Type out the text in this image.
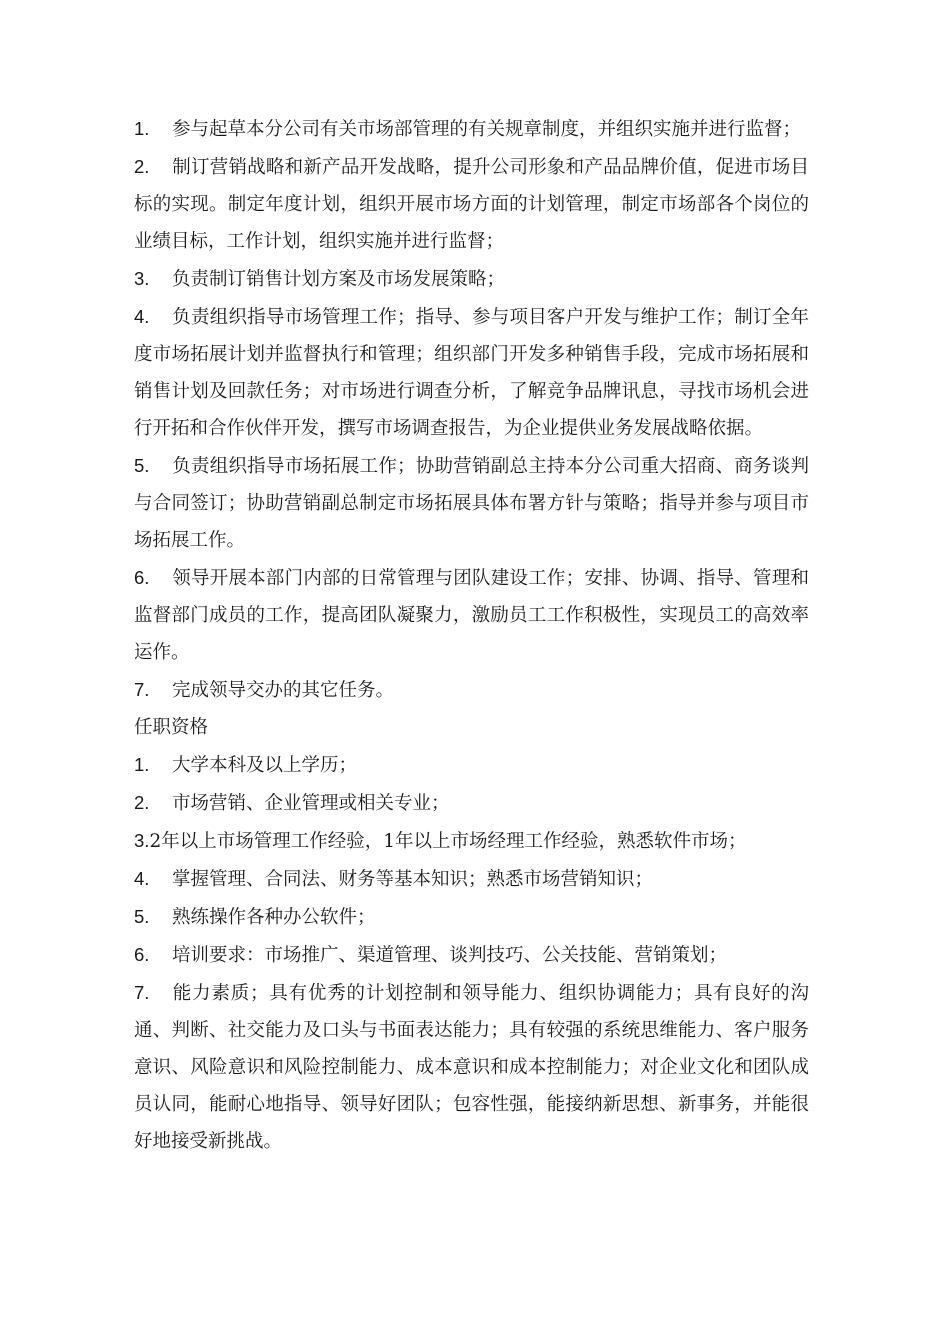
1. 参与起草本分公司有关市场部管理的有关规章制度，并组织实施并进行监督；

2. 制订营销战略和新产品开发战略，提升公司形象和产品品牌价值，促进市场目标的实现。制定年度计划，组织开展市场方面的计划管理，制定市场部各个岗位的业绩目标，工作计划，组织实施并进行监督；

3. 负责制订销售计划方案及市场发展策略；

4. 负责组织指导市场管理工作；指导、参与项目客户开发与维护工作；制订全年度市场拓展计划并监督执行和管理；组织部门开发多种销售手段，完成市场拓展和销售计划及回款任务；对市场进行调查分析，了解竞争品牌讯息，寻找市场机会进行开拓和合作伙伴开发，撰写市场调查报告，为企业提供业务发展战略依据。

5. 负责组织指导市场拓展工作；协助营销副总主持本分公司重大招商、商务谈判与合同签订；协助营销副总制定市场拓展具体布署方针与策略；指导并参与项目市场拓展工作。

6. 领导开展本部门内部的日常管理与团队建设工作；安排、协调、指导、管理和监督部门成员的工作，提高团队凝聚力，激励员工工作积极性，实现员工的高效率运作。

7. 完成领导交办的其它任务。

任职资格

1. 大学本科及以上学历；

2. 市场营销、企业管理或相关专业；

3.2年以上市场管理工作经验，1年以上市场经理工作经验，熟悉软件市场；

4. 掌握管理、合同法、财务等基本知识；熟悉市场营销知识；

5. 熟练操作各种办公软件；

6. 培训要求：市场推广、渠道管理、谈判技巧、公关技能、营销策划；

7. 能力素质；具有优秀的计划控制和领导能力、组织协调能力；具有良好的沟通、判断、社交能力及口头与书面表达能力；具有较强的系统思维能力、客户服务意识、风险意识和风险控制能力、成本意识和成本控制能力；对企业文化和团队成员认同，能耐心地指导、领导好团队；包容性强，能接纳新思想、新事务，并能很好地接受新挑战。
